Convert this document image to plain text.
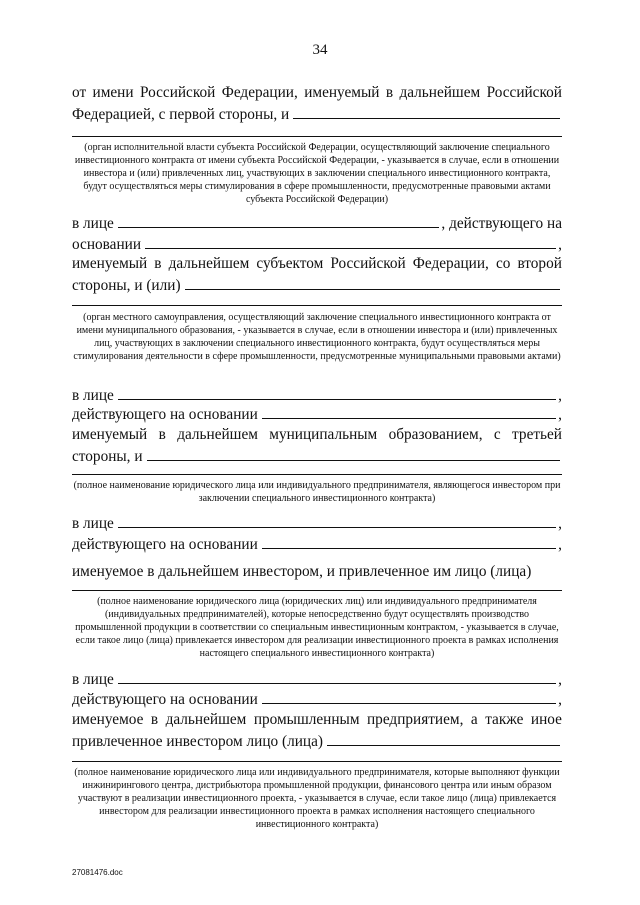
34
от имени Российской Федерации, именуемый в дальнейшем Российской
Федерацией, с первой стороны, и
(орган исполнительной власти субъекта Российской Федерации, осуществляющий заключение специального инвестиционного контракта от имени субъекта Российской Федерации, - указывается в случае, если в отношении инвестора и (или) привлеченных лиц, участвующих в заключении специального инвестиционного контракта, будут осуществляться меры стимулирования в сфере промышленности, предусмотренные правовыми актами субъекта Российской Федерации)
в лице	, действующего на
основании	,
именуемый в дальнейшем субъектом Российской Федерации, со второй
стороны, и (или)
(орган местного самоуправления, осуществляющий заключение специального инвестиционного контракта от имени муниципального образования, - указывается в случае, если в отношении инвестора и (или) привлеченных лиц, участвующих в заключении специального инвестиционного контракта, будут осуществляться меры стимулирования деятельности в сфере промышленности, предусмотренные муниципальными правовыми актами)
в лице	,
действующего на основании	,
именуемый в дальнейшем муниципальным образованием, с третьей
стороны, и
(полное наименование юридического лица или индивидуального предпринимателя, являющегося инвестором при заключении специального инвестиционного контракта)
в лице	,
действующего на основании	,
именуемое в дальнейшем инвестором, и привлеченное им лицо (лица)
(полное наименование юридического лица (юридических лиц) или индивидуального предпринимателя (индивидуальных предпринимателей), которые непосредственно будут осуществлять производство промышленной продукции в соответствии со специальным инвестиционным контрактом, - указывается в случае, если такое лицо (лица) привлекается инвестором для реализации инвестиционного проекта в рамках исполнения настоящего специального инвестиционного контракта)
в лице	,
действующего на основании	,
именуемое в дальнейшем промышленным предприятием, а также иное
привлеченное инвестором лицо (лица)
(полное наименование юридического лица или индивидуального предпринимателя, которые выполняют функции инжинирингового центра, дистрибьютора промышленной продукции, финансового центра или иным образом участвуют в реализации инвестиционного проекта, - указывается в случае, если такое лицо (лица) привлекается инвестором для реализации инвестиционного проекта в рамках исполнения настоящего специального инвестиционного контракта)
27081476.doc
